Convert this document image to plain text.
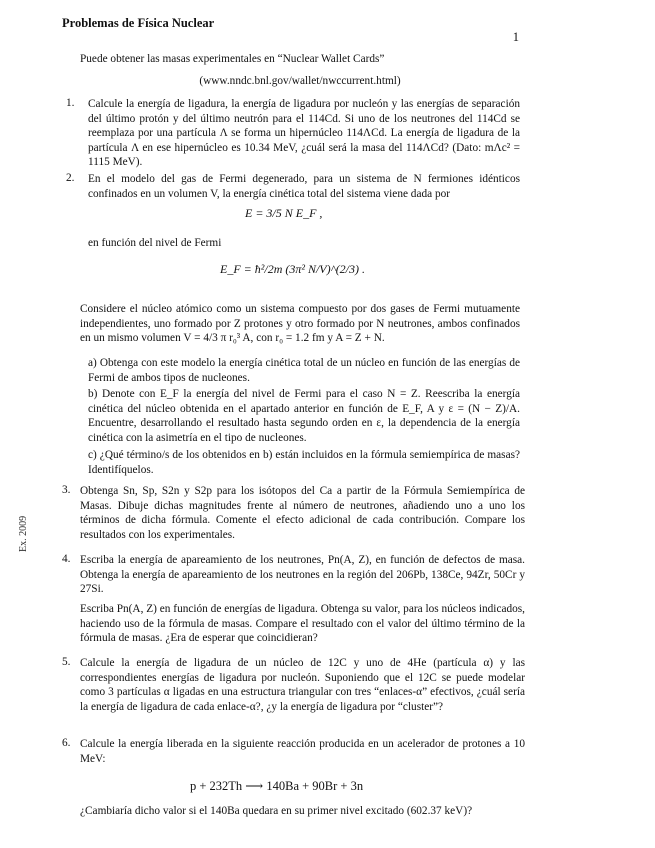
Problemas de Física Nuclear
1
Puede obtener las masas experimentales en “Nuclear Wallet Cards”
(www.nndc.bnl.gov/wallet/nwccurrent.html)
1. Calcule la energía de ligadura, la energía de ligadura por nucleón y las energías de separación del último protón y del último neutrón para el 114Cd. Si uno de los neutrones del 114Cd se reemplaza por una partícula Λ se forma un hipernúcleo 114ΛCd. La energía de ligadura de la partícula Λ en ese hipernúcleo es 10.34 MeV, ¿cuál será la masa del 114ΛCd? (Dato: mΛc² = 1115 MeV).
2. En el modelo del gas de Fermi degenerado, para un sistema de N fermiones idénticos confinados en un volumen V, la energía cinética total del sistema viene dada por
E = 3/5 N E_F ,
en función del nivel de Fermi
E_F = ħ²/2m (3π² N/V)^(2/3) .
Considere el núcleo atómico como un sistema compuesto por dos gases de Fermi mutuamente independientes, uno formado por Z protones y otro formado por N neutrones, ambos confinados en un mismo volumen V = 4/3 π r₀³ A, con r₀ = 1.2 fm y A = Z + N.
a) Obtenga con este modelo la energía cinética total de un núcleo en función de las energías de Fermi de ambos tipos de nucleones.
b) Denote con E_F la energía del nivel de Fermi para el caso N = Z. Reescriba la energía cinética del núcleo obtenida en el apartado anterior en función de E_F, A y ε = (N − Z)/A. Encuentre, desarrollando el resultado hasta segundo orden en ε, la dependencia de la energía cinética con la asimetría en el tipo de nucleones.
c) ¿Qué término/s de los obtenidos en b) están incluidos en la fórmula semiempírica de masas? Identifíquelos.
3. Obtenga Sn, Sp, S2n y S2p para los isótopos del Ca a partir de la Fórmula Semiempírica de Masas. Dibuje dichas magnitudes frente al número de neutrones, añadiendo uno a uno los términos de dicha fórmula. Comente el efecto adicional de cada contribución. Compare los resultados con los experimentales.
Ex. 2009
4. Escriba la energía de apareamiento de los neutrones, Pn(A, Z), en función de defectos de masa. Obtenga la energía de apareamiento de los neutrones en la región del 206Pb, 138Ce, 94Zr, 50Cr y 27Si.
Escriba Pn(A, Z) en función de energías de ligadura. Obtenga su valor, para los núcleos indicados, haciendo uso de la fórmula de masas. Compare el resultado con el valor del último término de la fórmula de masas. ¿Era de esperar que coincidieran?
5. Calcule la energía de ligadura de un núcleo de 12C y uno de 4He (partícula α) y las correspondientes energías de ligadura por nucleón. Suponiendo que el 12C se puede modelar como 3 partículas α ligadas en una estructura triangular con tres “enlaces-α” efectivos, ¿cuál sería la energía de ligadura de cada enlace-α?, ¿y la energía de ligadura por “cluster”?
6. Calcule la energía liberada en la siguiente reacción producida en un acelerador de protones a 10 MeV:
p + 232Th ⟶ 140Ba + 90Br + 3n
¿Cambiaría dicho valor si el 140Ba quedara en su primer nivel excitado (602.37 keV)?
